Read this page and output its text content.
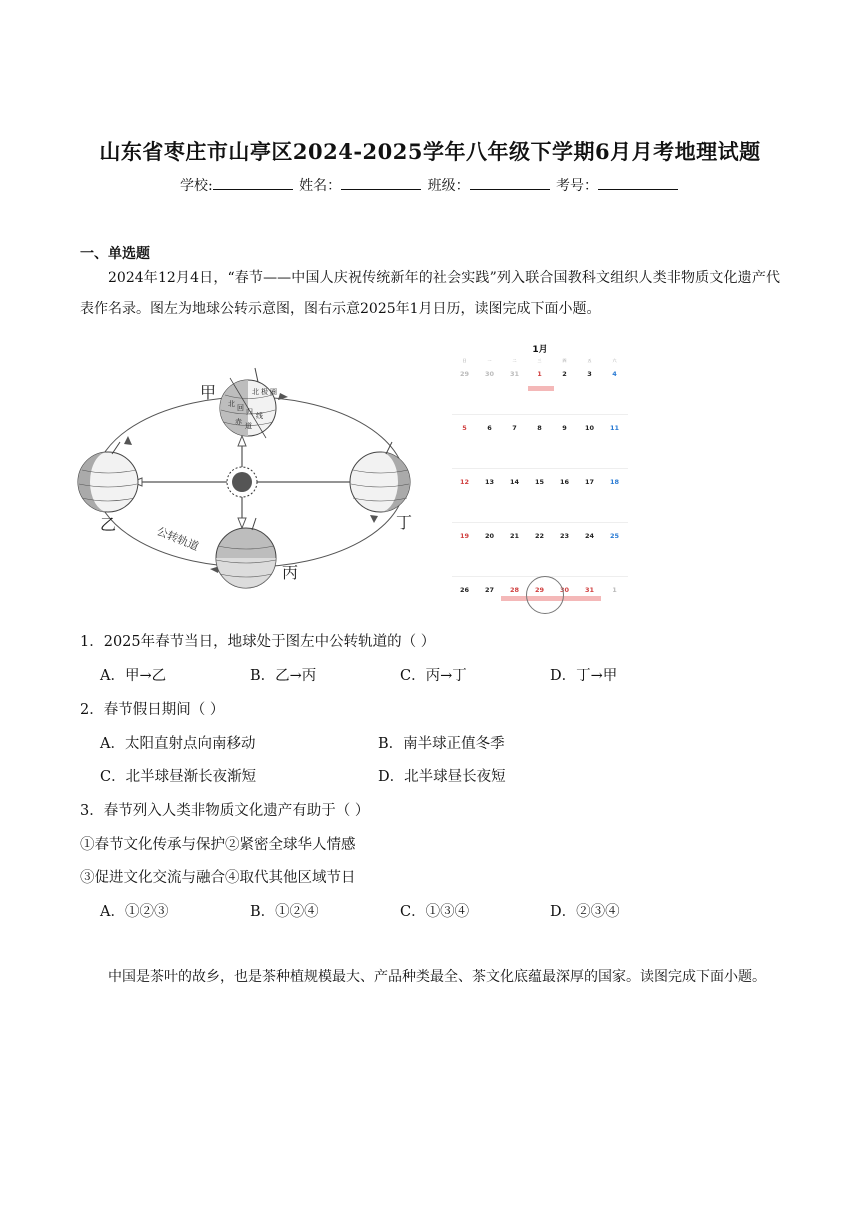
山东省枣庄市山亭区2024-2025学年八年级下学期6月月考地理试题
学校:	姓名：	班级：	考号：
一、单选题
2024年12月4日，“春节——中国人庆祝传统新年的社会实践”列入联合国教科文组织人类非物质文化遗产代表作名录。图左为地球公转示意图，图右示意2025年1月日历，读图完成下面小题。
北 极 圈
北 回 归 线
赤 道
甲
乙
丙
丁
公转轨道
1月
日	一	二	三	四	五	六
29	30	31	1	2	3	4
5	6	7	8	9	10	11
12	13	14	15	16	17	18
19	20	21	22	23	24	25
26	27	28	29	30	31	1
1．2025年春节当日，地球处于图左中公转轨道的（ ）
A．甲→乙	B．乙→丙	C．丙→丁	D．丁→甲
2．春节假日期间（ ）
A．太阳直射点向南移动	B．南半球正值冬季
C．北半球昼渐长夜渐短	D．北半球昼长夜短
3．春节列入人类非物质文化遗产有助于（ ）
①春节文化传承与保护②紧密全球华人情感
③促进文化交流与融合④取代其他区域节日
A．①②③	B．①②④	C．①③④	D．②③④
中国是茶叶的故乡，也是茶种植规模最大、产品种类最全、茶文化底蕴最深厚的国家。读图完成下面小题。
